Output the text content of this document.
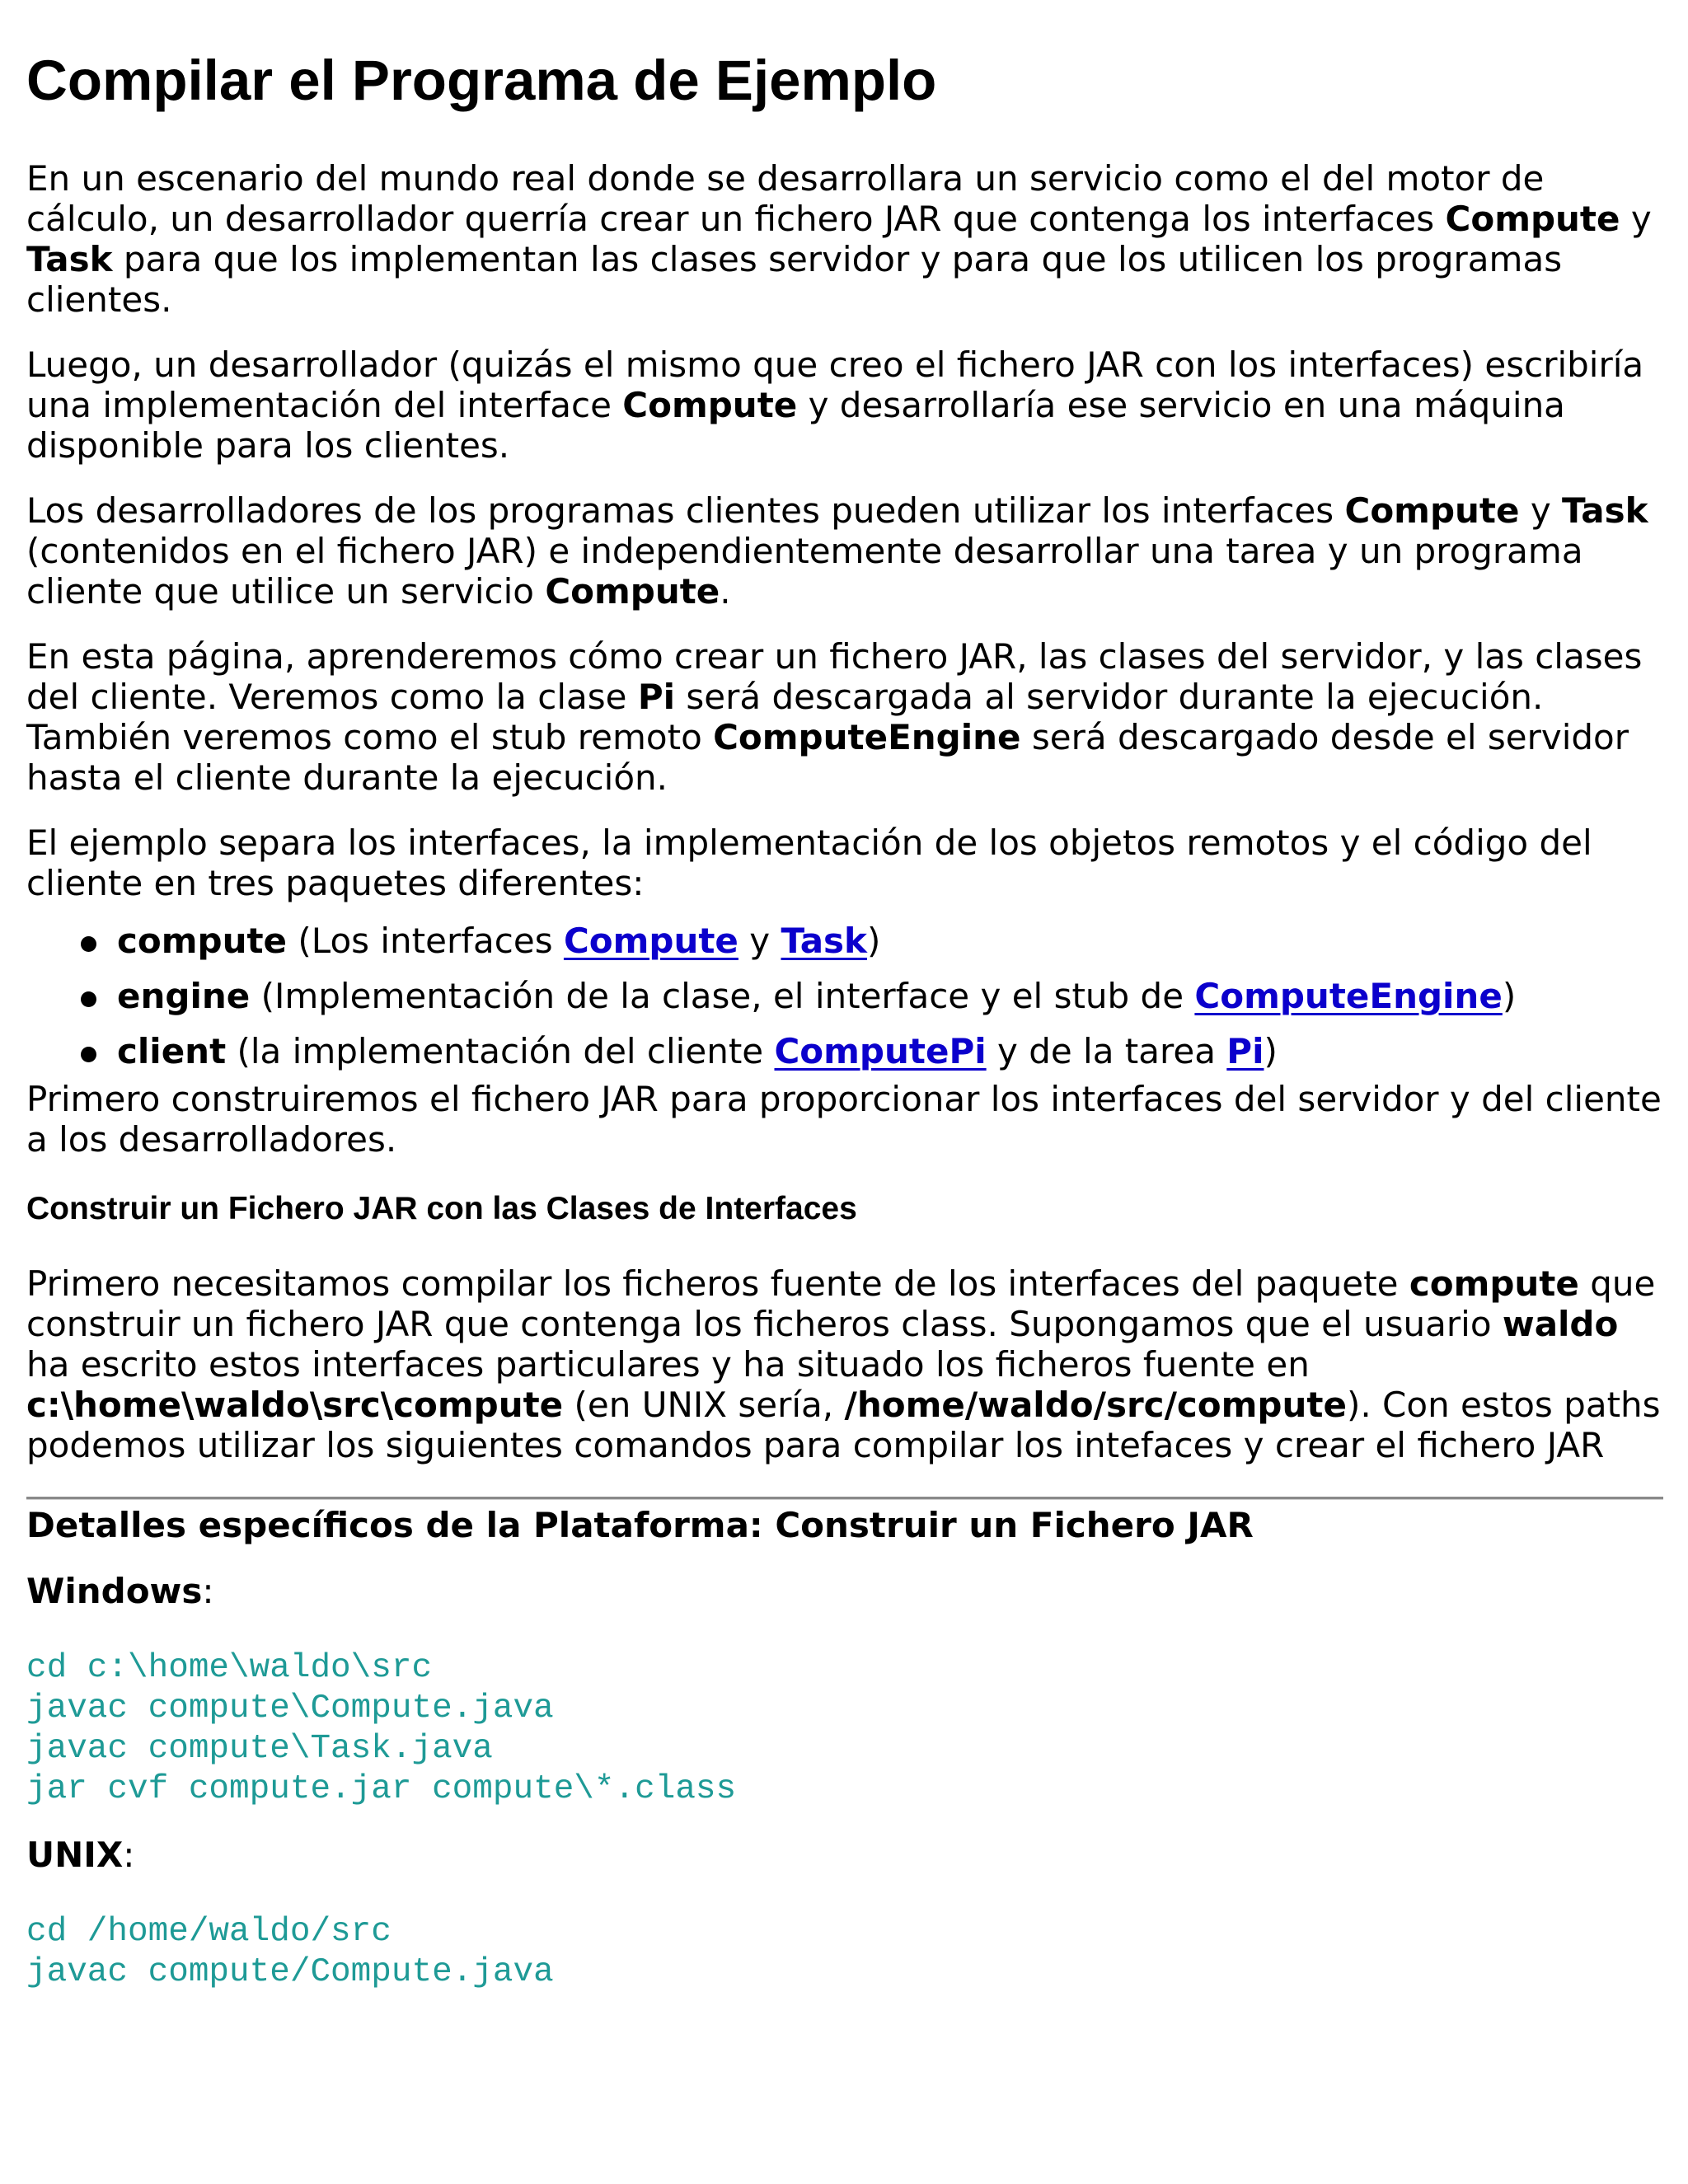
Compilar el Programa de Ejemplo

En un escenario del mundo real donde se desarrollara un servicio como el del motor de cálculo, un desarrollador querría crear un fichero JAR que contenga los interfaces Compute y Task para que los implementan las clases servidor y para que los utilicen los programas clientes.

Luego, un desarrollador (quizás el mismo que creo el fichero JAR con los interfaces) escribiría una implementación del interface Compute y desarrollaría ese servicio en una máquina disponible para los clientes.

Los desarrolladores de los programas clientes pueden utilizar los interfaces Compute y Task (contenidos en el fichero JAR) e independientemente desarrollar una tarea y un programa cliente que utilice un servicio Compute.

En esta página, aprenderemos cómo crear un fichero JAR, las clases del servidor, y las clases del cliente. Veremos como la clase Pi será descargada al servidor durante la ejecución. También veremos como el stub remoto ComputeEngine será descargado desde el servidor hasta el cliente durante la ejecución.

El ejemplo separa los interfaces, la implementación de los objetos remotos y el código del cliente en tres paquetes diferentes:

compute (Los interfaces Compute y Task)
engine (Implementación de la clase, el interface y el stub de ComputeEngine)
client (la implementación del cliente ComputePi y de la tarea Pi)

Primero construiremos el fichero JAR para proporcionar los interfaces del servidor y del cliente a los desarrolladores.

Construir un Fichero JAR con las Clases de Interfaces

Primero necesitamos compilar los ficheros fuente de los interfaces del paquete compute que construir un fichero JAR que contenga los ficheros class. Supongamos que el usuario waldo ha escrito estos interfaces particulares y ha situado los ficheros fuente en c:\home\waldo\src\compute (en UNIX sería, /home/waldo/src/compute). Con estos paths podemos utilizar los siguientes comandos para compilar los intefaces y crear el fichero JAR

Detalles específicos de la Plataforma: Construir un Fichero JAR
Windows:
cd c:\home\waldo\src
javac compute\Compute.java
javac compute\Task.java
jar cvf compute.jar compute\*.class
UNIX:
cd /home/waldo/src
javac compute/Compute.java
